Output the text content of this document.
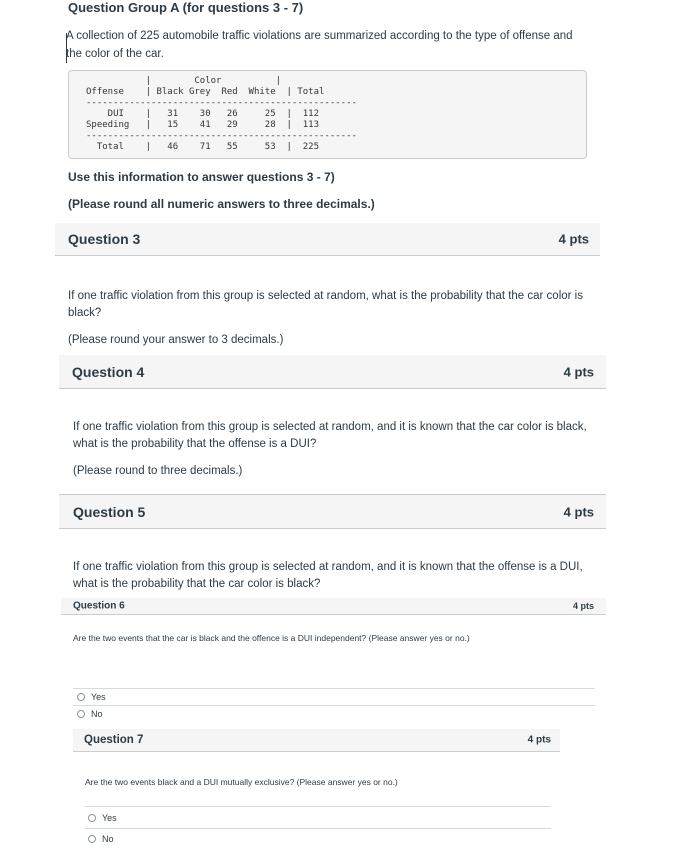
Question Group A (for questions 3 - 7)
A collection of 225 automobile traffic violations are summarized according to the type of offense and the color of the car.
|        Color          |
Offense    | Black Grey  Red  White  | Total
--------------------------------------------------
DUI    |   31    30   26     25  |  112
Speeding   |   15    41   29     28  |  113
--------------------------------------------------
Total    |   46    71   55     53  |  225
Use this information to answer questions 3 - 7)
(Please round all numeric answers to three decimals.)
Question 3	4 pts
If one traffic violation from this group is selected at random, what is the probability that the car color is black?
(Please round your answer to 3 decimals.)
Question 4	4 pts
If one traffic violation from this group is selected at random, and it is known that the car color is black, what is the probability that the offense is a DUI?
(Please round to three decimals.)
Question 5	4 pts
If one traffic violation from this group is selected at random, and it is known that the offense is a DUI, what is the probability that the car color is black?
Question 6	4 pts
Are the two events that the car is black and the offence is a DUI independent? (Please answer yes or no.)
Yes
No
Question 7	4 pts
Are the two events black and a DUI mutually exclusive? (Please answer yes or no.)
Yes
No
